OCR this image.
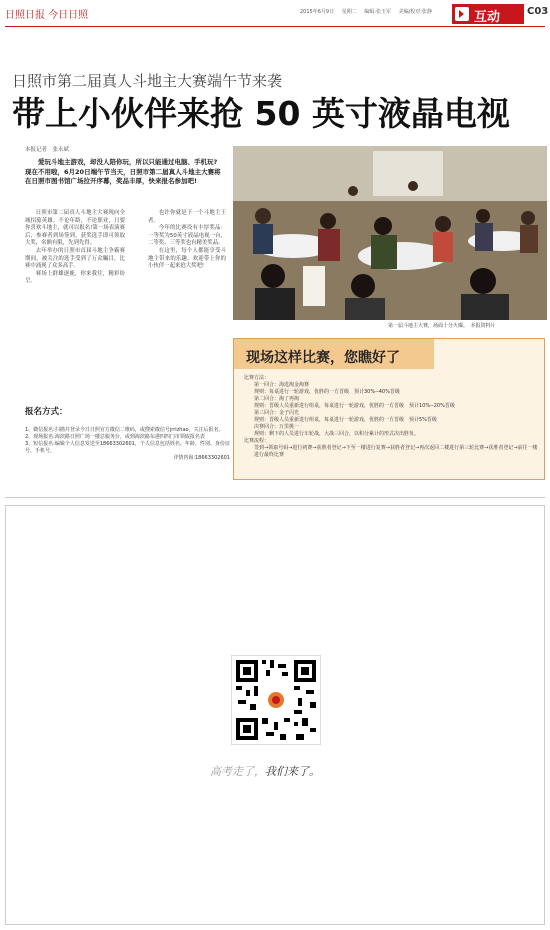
日照日报 今日日照	2015年6月9日 星期二 编辑:张玉军 美编/校对:张静	互动	C03
日照市第二届真人斗地主大赛端午节来袭
带上小伙伴来抢 50 英寸液晶电视
本报记者　张永斌
爱玩斗地主游戏，却没人陪你玩，所以只能通过电脑、手机玩?现在不用啦，6月20日端午节当天，日照市第二届真人斗地主大赛将在日照市图书馆广场拉开序幕，奖品丰厚，快来报名参加吧!

日照市第二届真人斗地主大赛现向全城招募英雄。不论年龄，不论职业，只要你喜欢斗地主，就可以报名!第一场表演赛后，参赛者到场签到，获奖选手即可领取大奖，名额有限，先到先得。

去年举办的日照市首届斗地主争霸赛期间，被关注的选手受到了万众瞩目，比赛中涌现了众多高手。

赛场上群雄逐鹿，你来我往，精彩纷呈。

也许你就是下一个斗地主王者。

今年的比赛设有丰厚奖品：一等奖为50英寸液晶电视一台，二等奖、三等奖也有精美奖品。

在这里，每个人都能享受斗地主带来的乐趣，欢迎带上你的小伙伴一起来抢大奖吧!

第一届斗地主大赛，场面十分火爆。　本报资料片
现场这样比赛，您瞧好了
比赛方法：
第一回合：海选淘金淘赛
规则：每桌进行一轮游戏，优胜的一方晋级　预计30%--40%晋级
第二回合：淘了再淘
规则：晋级人员重新进行组桌，每桌进行一轮游戏，优胜的一方晋级　预计10%--20%晋级
第三回合：金子闪光
规则：晋级人员重新进行组桌，每桌进行一轮游戏，优胜的一方晋级　预计5%晋级
决赛回合：万里挑一
规则：剩下的人员进行车轮战，大战三回合，以积分累计的形式决出胜负。
比赛流程：
签到→领取号码→进行初赛→获胜者登记→下至一楼进行复赛→获胜者登记→再次返回二楼进行第三轮比赛→获胜者登记→前往一楼进行最终比赛
报名方式：
1、微信报名:扫描并登录今日日照官方微信二维码，或搜索微信号jrrizhao，关注后报名。
2、现场报名:海滨路日照广场一楼总服务台，或到海滨路东港四四门市领取报名表
3、短信报名:编辑个人信息发送至18663302601，个人信息包括姓名、年龄、性别、身份证号、手机号。
详情咨询:18663302601
高考走了，我们来了。
